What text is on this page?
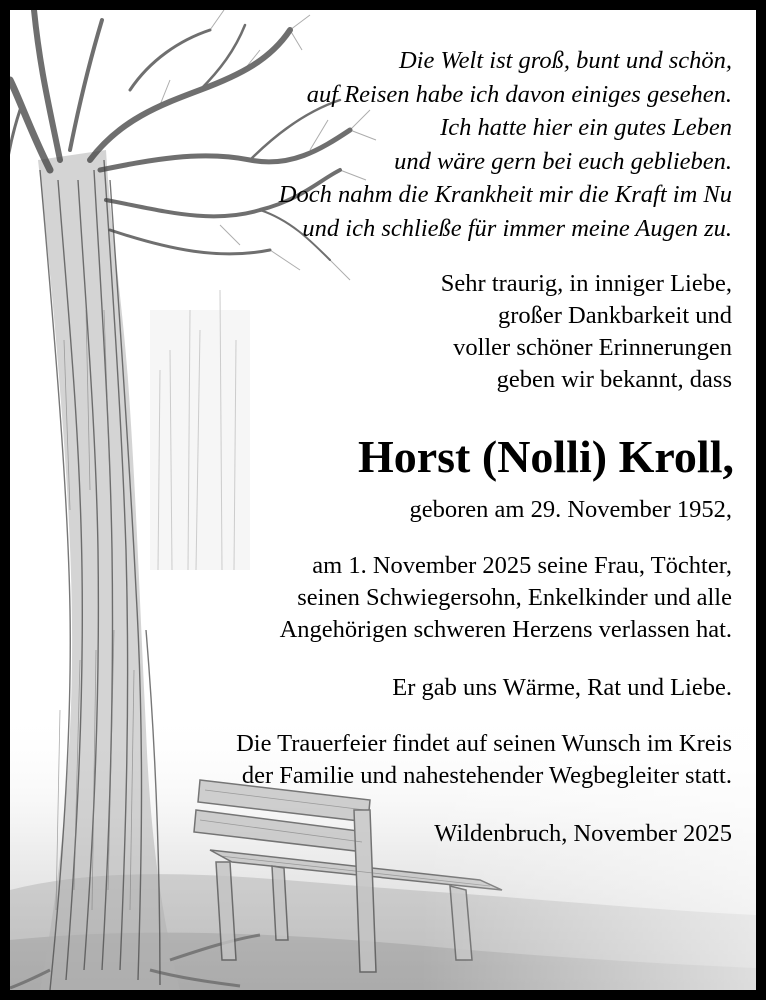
Die Welt ist groß, bunt und schön,
auf Reisen habe ich davon einiges gesehen.
Ich hatte hier ein gutes Leben
und wäre gern bei euch geblieben.
Doch nahm die Krankheit mir die Kraft im Nu
und ich schließe für immer meine Augen zu.
Sehr traurig, in inniger Liebe,
großer Dankbarkeit und
voller schöner Erinnerungen
geben wir bekannt, dass
Horst (Nolli) Kroll,
geboren am 29. November 1952,
am 1. November 2025 seine Frau, Töchter,
seinen Schwiegersohn, Enkelkinder und alle
Angehörigen schweren Herzens verlassen hat.
Er gab uns Wärme, Rat und Liebe.
Die Trauerfeier findet auf seinen Wunsch im Kreis
der Familie und nahestehender Wegbegleiter statt.
Wildenbruch, November 2025
